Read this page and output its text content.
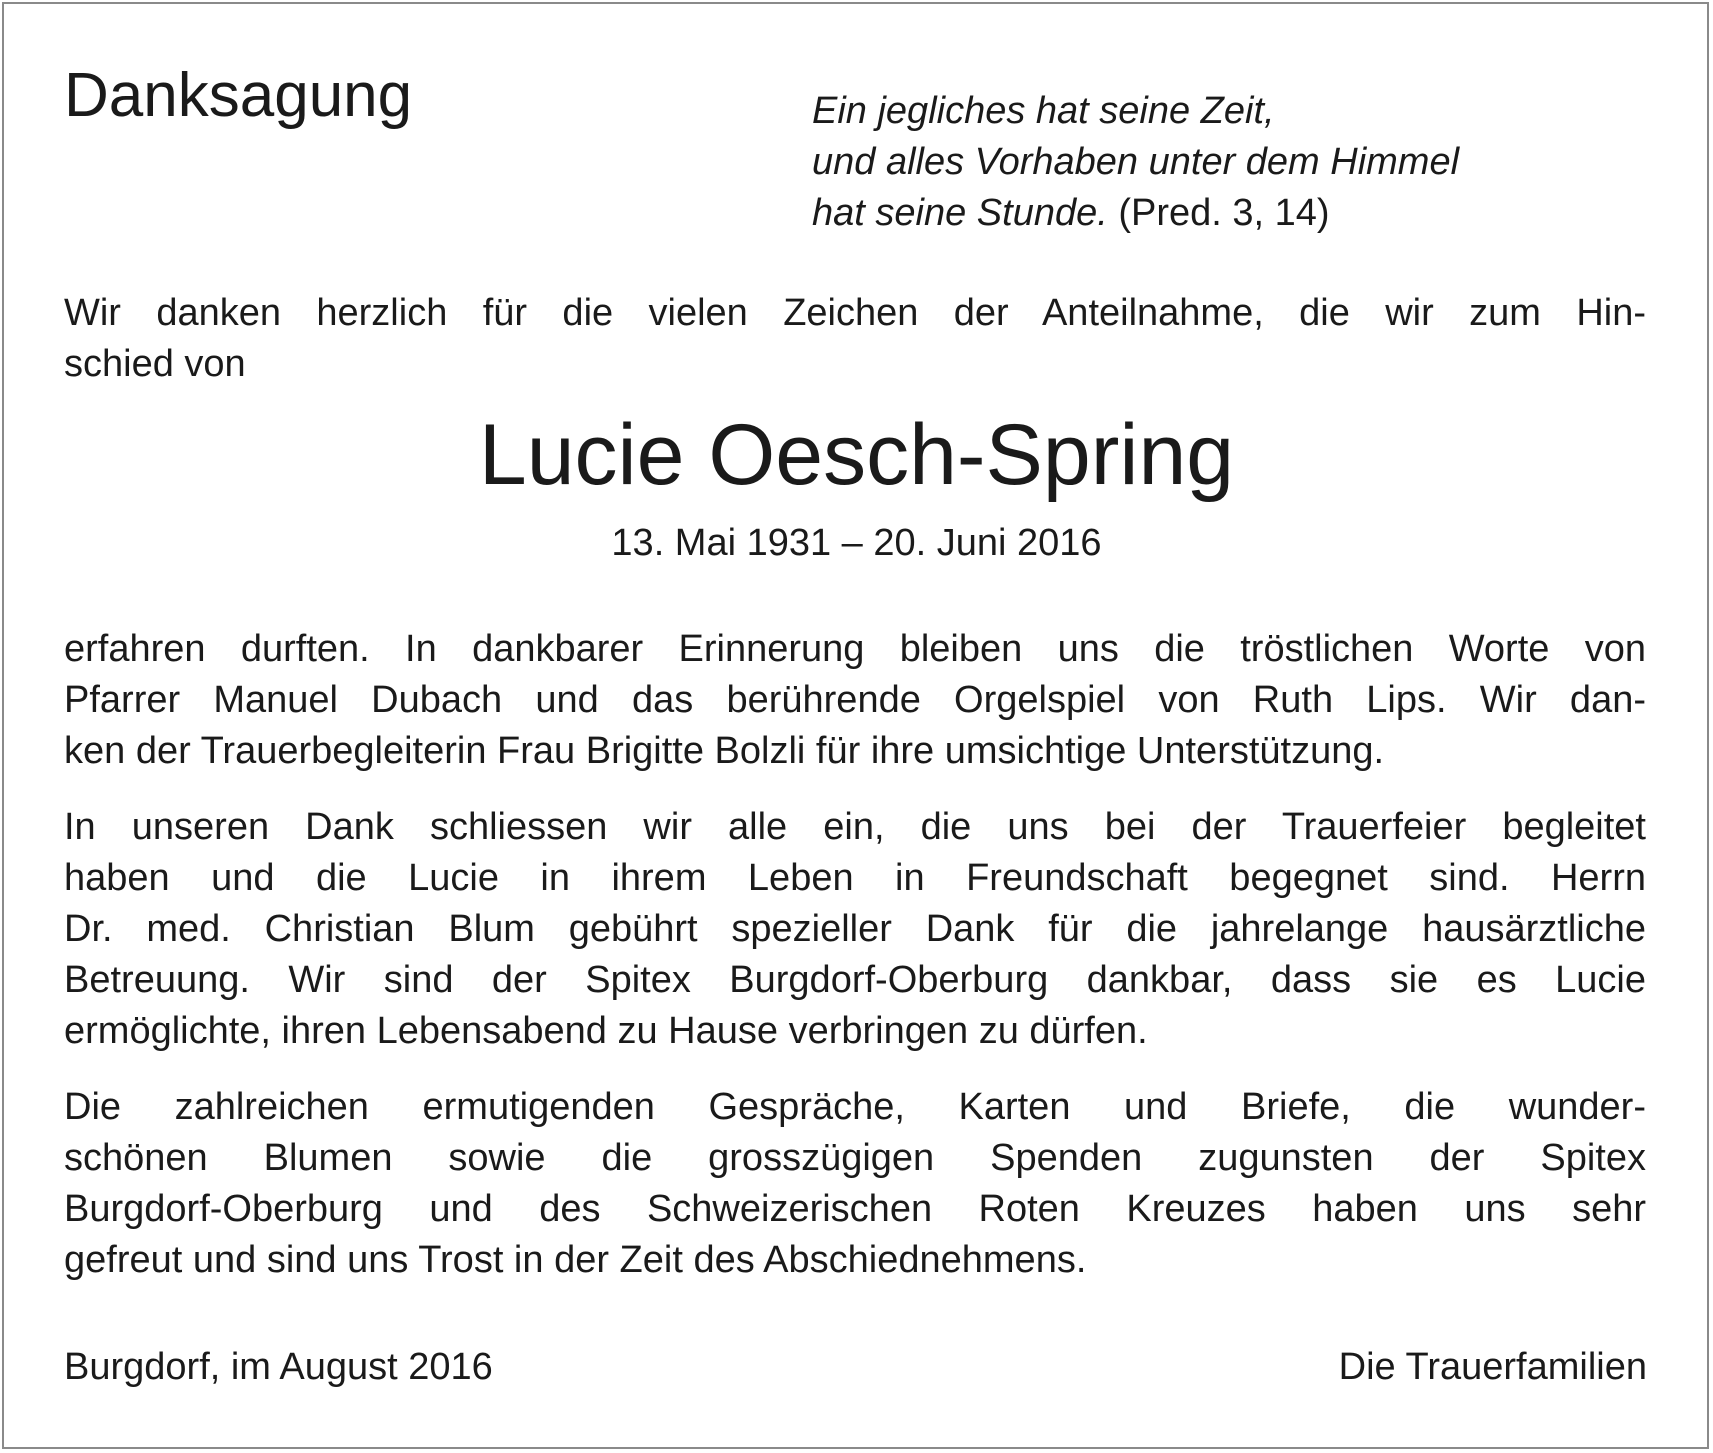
Danksagung	Ein jegliches hat seine Zeit,
und alles Vorhaben unter dem Himmel
hat seine Stunde. (Pred. 3, 14)

Wir danken herzlich für die vielen Zeichen der Anteilnahme, die wir zum Hin-
schied von

Lucie Oesch-Spring

13. Mai 1931 – 20. Juni 2016

erfahren durften. In dankbarer Erinnerung bleiben uns die tröstlichen Worte von
Pfarrer Manuel Dubach und das berührende Orgelspiel von Ruth Lips. Wir dan-
ken der Trauerbegleiterin Frau Brigitte Bolzli für ihre umsichtige Unterstützung.

In unseren Dank schliessen wir alle ein, die uns bei der Trauerfeier begleitet
haben und die Lucie in ihrem Leben in Freundschaft begegnet sind. Herrn
Dr. med. Christian Blum gebührt spezieller Dank für die jahrelange hausärztliche
Betreuung. Wir sind der Spitex Burgdorf-Oberburg dankbar, dass sie es Lucie
ermöglichte, ihren Lebensabend zu Hause verbringen zu dürfen.

Die zahlreichen ermutigenden Gespräche, Karten und Briefe, die wunder-
schönen Blumen sowie die grosszügigen Spenden zugunsten der Spitex
Burgdorf-Oberburg und des Schweizerischen Roten Kreuzes haben uns sehr
gefreut und sind uns Trost in der Zeit des Abschiednehmens.

Burgdorf, im August 2016	Die Trauerfamilien
